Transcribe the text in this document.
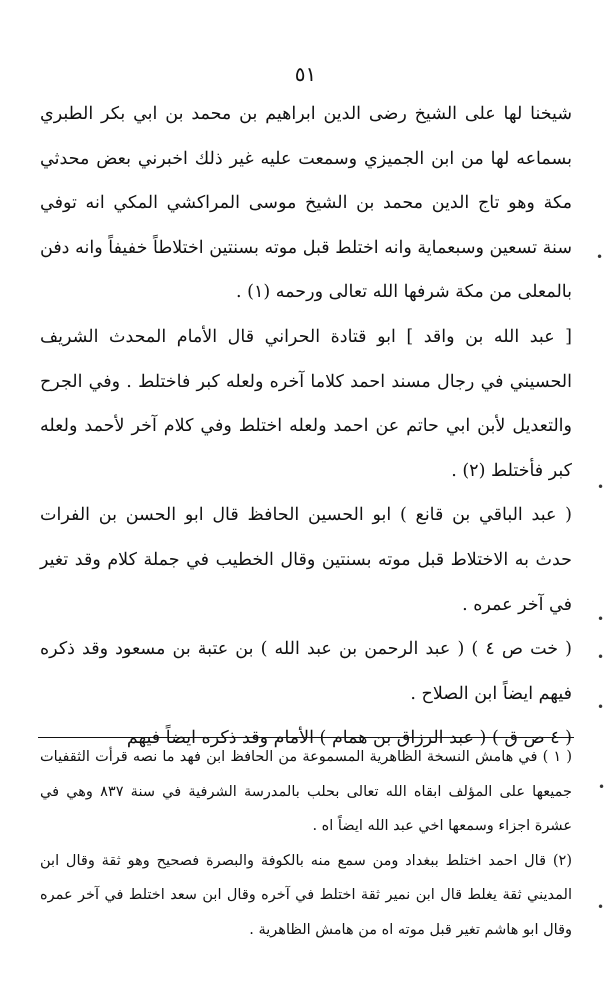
٥١

شيخنا لها على الشيخ رضى الدين ابراهيم بن محمد بن ابي بكر الطبري بسماعه لها من ابن الجميزي وسمعت عليه غير ذلك اخبرني بعض محدثي مكة وهو تاج الدين محمد بن الشيخ موسى المراكشي المكي انه توفي سنة تسعين وسبعماية وانه اختلط قبل موته بسنتين اختلاطاً خفيفاً وانه دفن بالمعلى من مكة شرفها الله تعالى ورحمه (١) .

[ عبد الله بن واقد ] ابو قتادة الحراني قال الأمام المحدث الشريف الحسيني في رجال مسند احمد كلاما آخره ولعله كبر فاختلط . وفي الجرح والتعديل لأبن ابي حاتم عن احمد ولعله اختلط وفي كلام آخر لأحمد ولعله كبر فأختلط (٢) .

( عبد الباقي بن قانع ) ابو الحسين الحافظ قال ابو الحسن بن الفرات حدث به الاختلاط قبل موته بسنتين وقال الخطيب في جملة كلام وقد تغير في آخر عمره .

( خت ص ٤ ) ( عبد الرحمن بن عبد الله ) بن عتبة بن مسعود وقد ذكره فيهم ايضاً ابن الصلاح .

( ٤ ص ق ) ( عبد الرزاق بن همام ) الأمام وقد ذكره ايضاً فيهم

( ١ ) في هامش النسخة الظاهرية المسموعة من الحافظ ابن فهد ما نصه قرأت الثقفيات جميعها على المؤلف ابقاه الله تعالى بحلب بالمدرسة الشرفية في سنة ٨٣٧ وهي في عشرة اجزاء وسمعها اخي عبد الله ايضاً اه .

(٢) قال احمد اختلط ببغداد ومن سمع منه بالكوفة والبصرة فصحيح وهو ثقة وقال ابن المديني ثقة يغلط قال ابن نمير ثقة اختلط في آخره وقال ابن سعد اختلط في آخر عمره وقال ابو هاشم تغير قبل موته اه من هامش الظاهرية .

•
•
•
•
•
•
•
